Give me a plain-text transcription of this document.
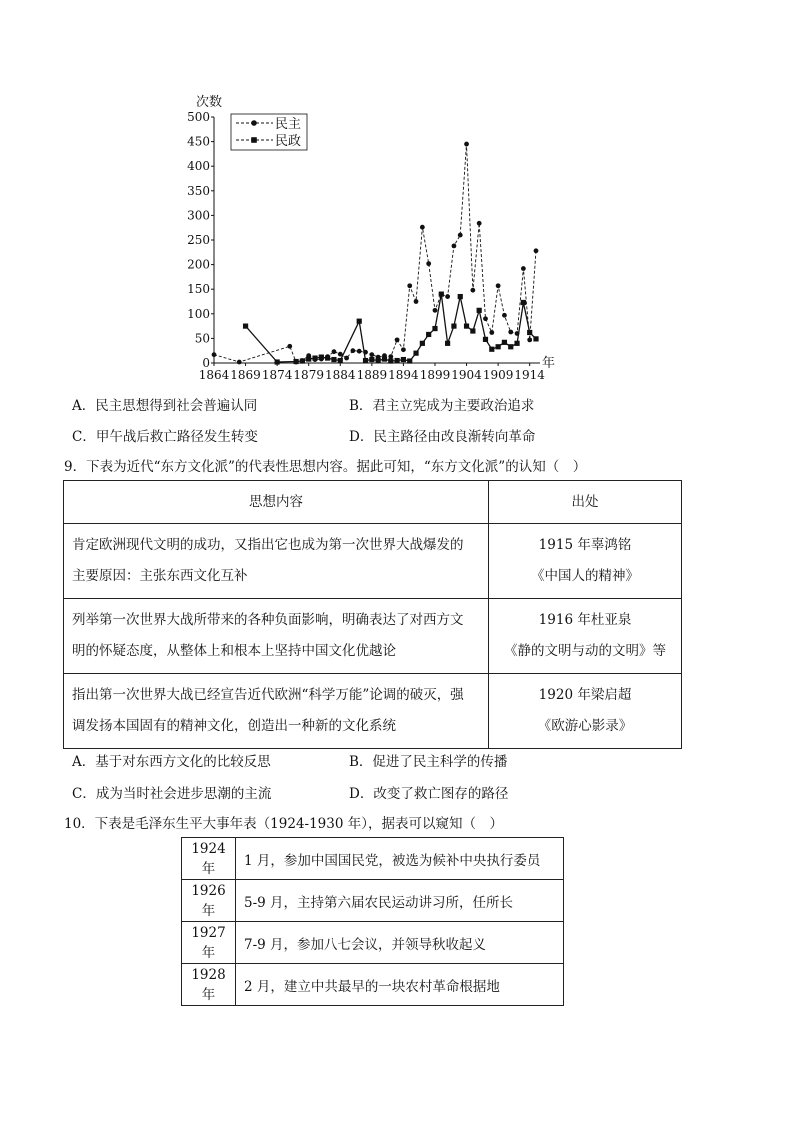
次数
年
0
50
100
150
200
250
300
350
400
450
500
1864 1869 1874 1879 1884 1889 1894 1899 1904 1909 1914
民主
民政
A．民主思想得到社会普遍认同	B．君主立宪成为主要政治追求
C．甲午战后救亡路径发生转变	D．民主路径由改良渐转向革命
9．下表为近代“东方文化派”的代表性思想内容。据此可知，“东方文化派”的认知（　）
思想内容	出处

肯定欧洲现代文明的成功，又指出它也成为第一次世界大战爆发的
主要原因：主张东西文化互补	1915 年辜鸿铭
《中国人的精神》

列举第一次世界大战所带来的各种负面影响，明确表达了对西方文
明的怀疑态度，从整体上和根本上坚持中国文化优越论	1916 年杜亚泉
《静的文明与动的文明》等

指出第一次世界大战已经宣告近代欧洲“科学万能”论调的破灭，强
调发扬本国固有的精神文化，创造出一种新的文化系统	1920 年梁启超
《欧游心影录》
A．基于对东西方文化的比较反思	B．促进了民主科学的传播
C．成为当时社会进步思潮的主流	D．改变了救亡图存的路径
10．下表是毛泽东生平大事年表（1924-1930 年），据表可以窥知（　）
1924 年	1 月，参加中国国民党，被选为候补中央执行委员
1926 年	5-9 月，主持第六届农民运动讲习所，任所长
1927 年	7-9 月，参加八七会议，并领导秋收起义
1928 年	2 月，建立中共最早的一块农村革命根据地
